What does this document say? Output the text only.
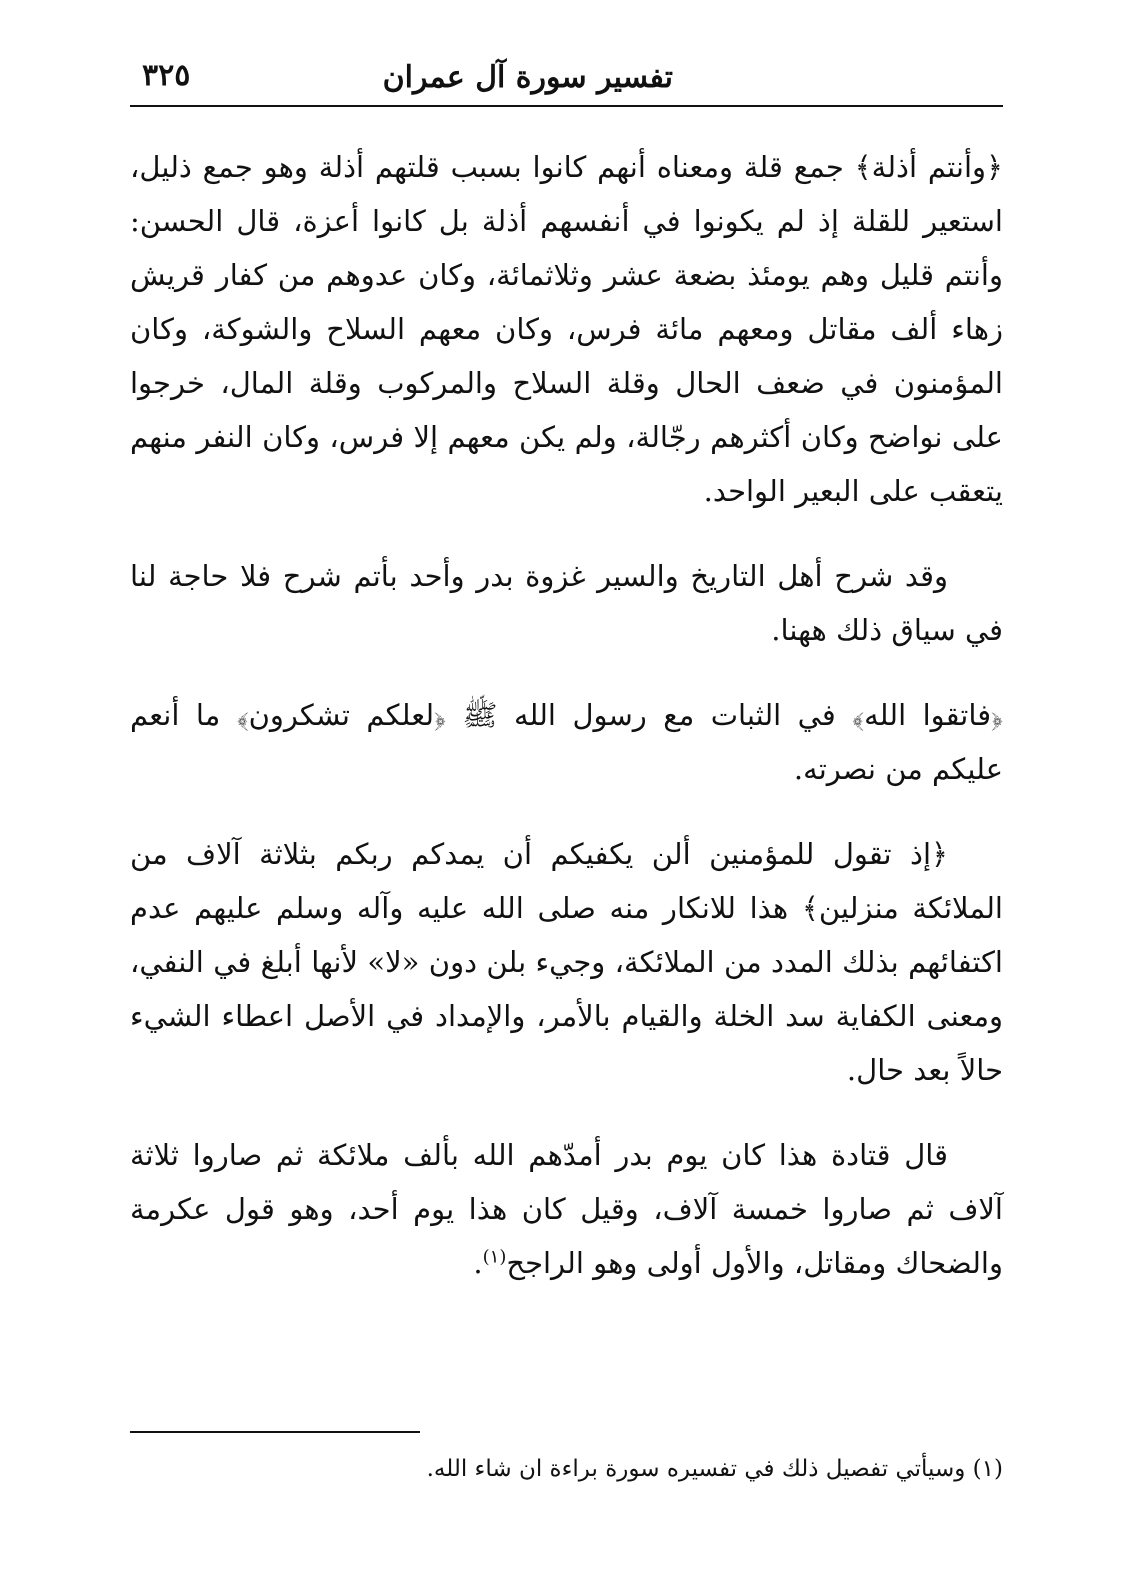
تفسير سورة آل عمران
٣٢٥

﴿وأنتم أذلة﴾ جمع قلة ومعناه أنهم كانوا بسبب قلتهم أذلة وهو جمع ذليل، استعير للقلة إذ لم يكونوا في أنفسهم أذلة بل كانوا أعزة، قال الحسن: وأنتم قليل وهم يومئذ بضعة عشر وثلاثمائة، وكان عدوهم من كفار قريش زهاء ألف مقاتل ومعهم مائة فرس، وكان معهم السلاح والشوكة، وكان المؤمنون في ضعف الحال وقلة السلاح والمركوب وقلة المال، خرجوا على نواضح وكان أكثرهم رجّالة، ولم يكن معهم إلا فرس، وكان النفر منهم يتعقب على البعير الواحد.

وقد شرح أهل التاريخ والسير غزوة بدر وأحد بأتم شرح فلا حاجة لنا في سياق ذلك ههنا.

﴿فاتقوا الله﴾ في الثبات مع رسول الله ﷺ ﴿لعلكم تشكرون﴾ ما أنعم عليكم من نصرته.

﴿إذ تقول للمؤمنين ألن يكفيكم أن يمدكم ربكم بثلاثة آلاف من الملائكة منزلين﴾ هذا للانكار منه صلى الله عليه وآله وسلم عليهم عدم اكتفائهم بذلك المدد من الملائكة، وجيء بلن دون «لا» لأنها أبلغ في النفي، ومعنى الكفاية سد الخلة والقيام بالأمر، والإمداد في الأصل اعطاء الشيء حالاً بعد حال.

قال قتادة هذا كان يوم بدر أمدّهم الله بألف ملائكة ثم صاروا ثلاثة آلاف ثم صاروا خمسة آلاف، وقيل كان هذا يوم أحد، وهو قول عكرمة والضحاك ومقاتل، والأول أولى وهو الراجح$^{(١)}$.

(١) وسيأتي تفصيل ذلك في تفسيره سورة براءة ان شاء الله.
